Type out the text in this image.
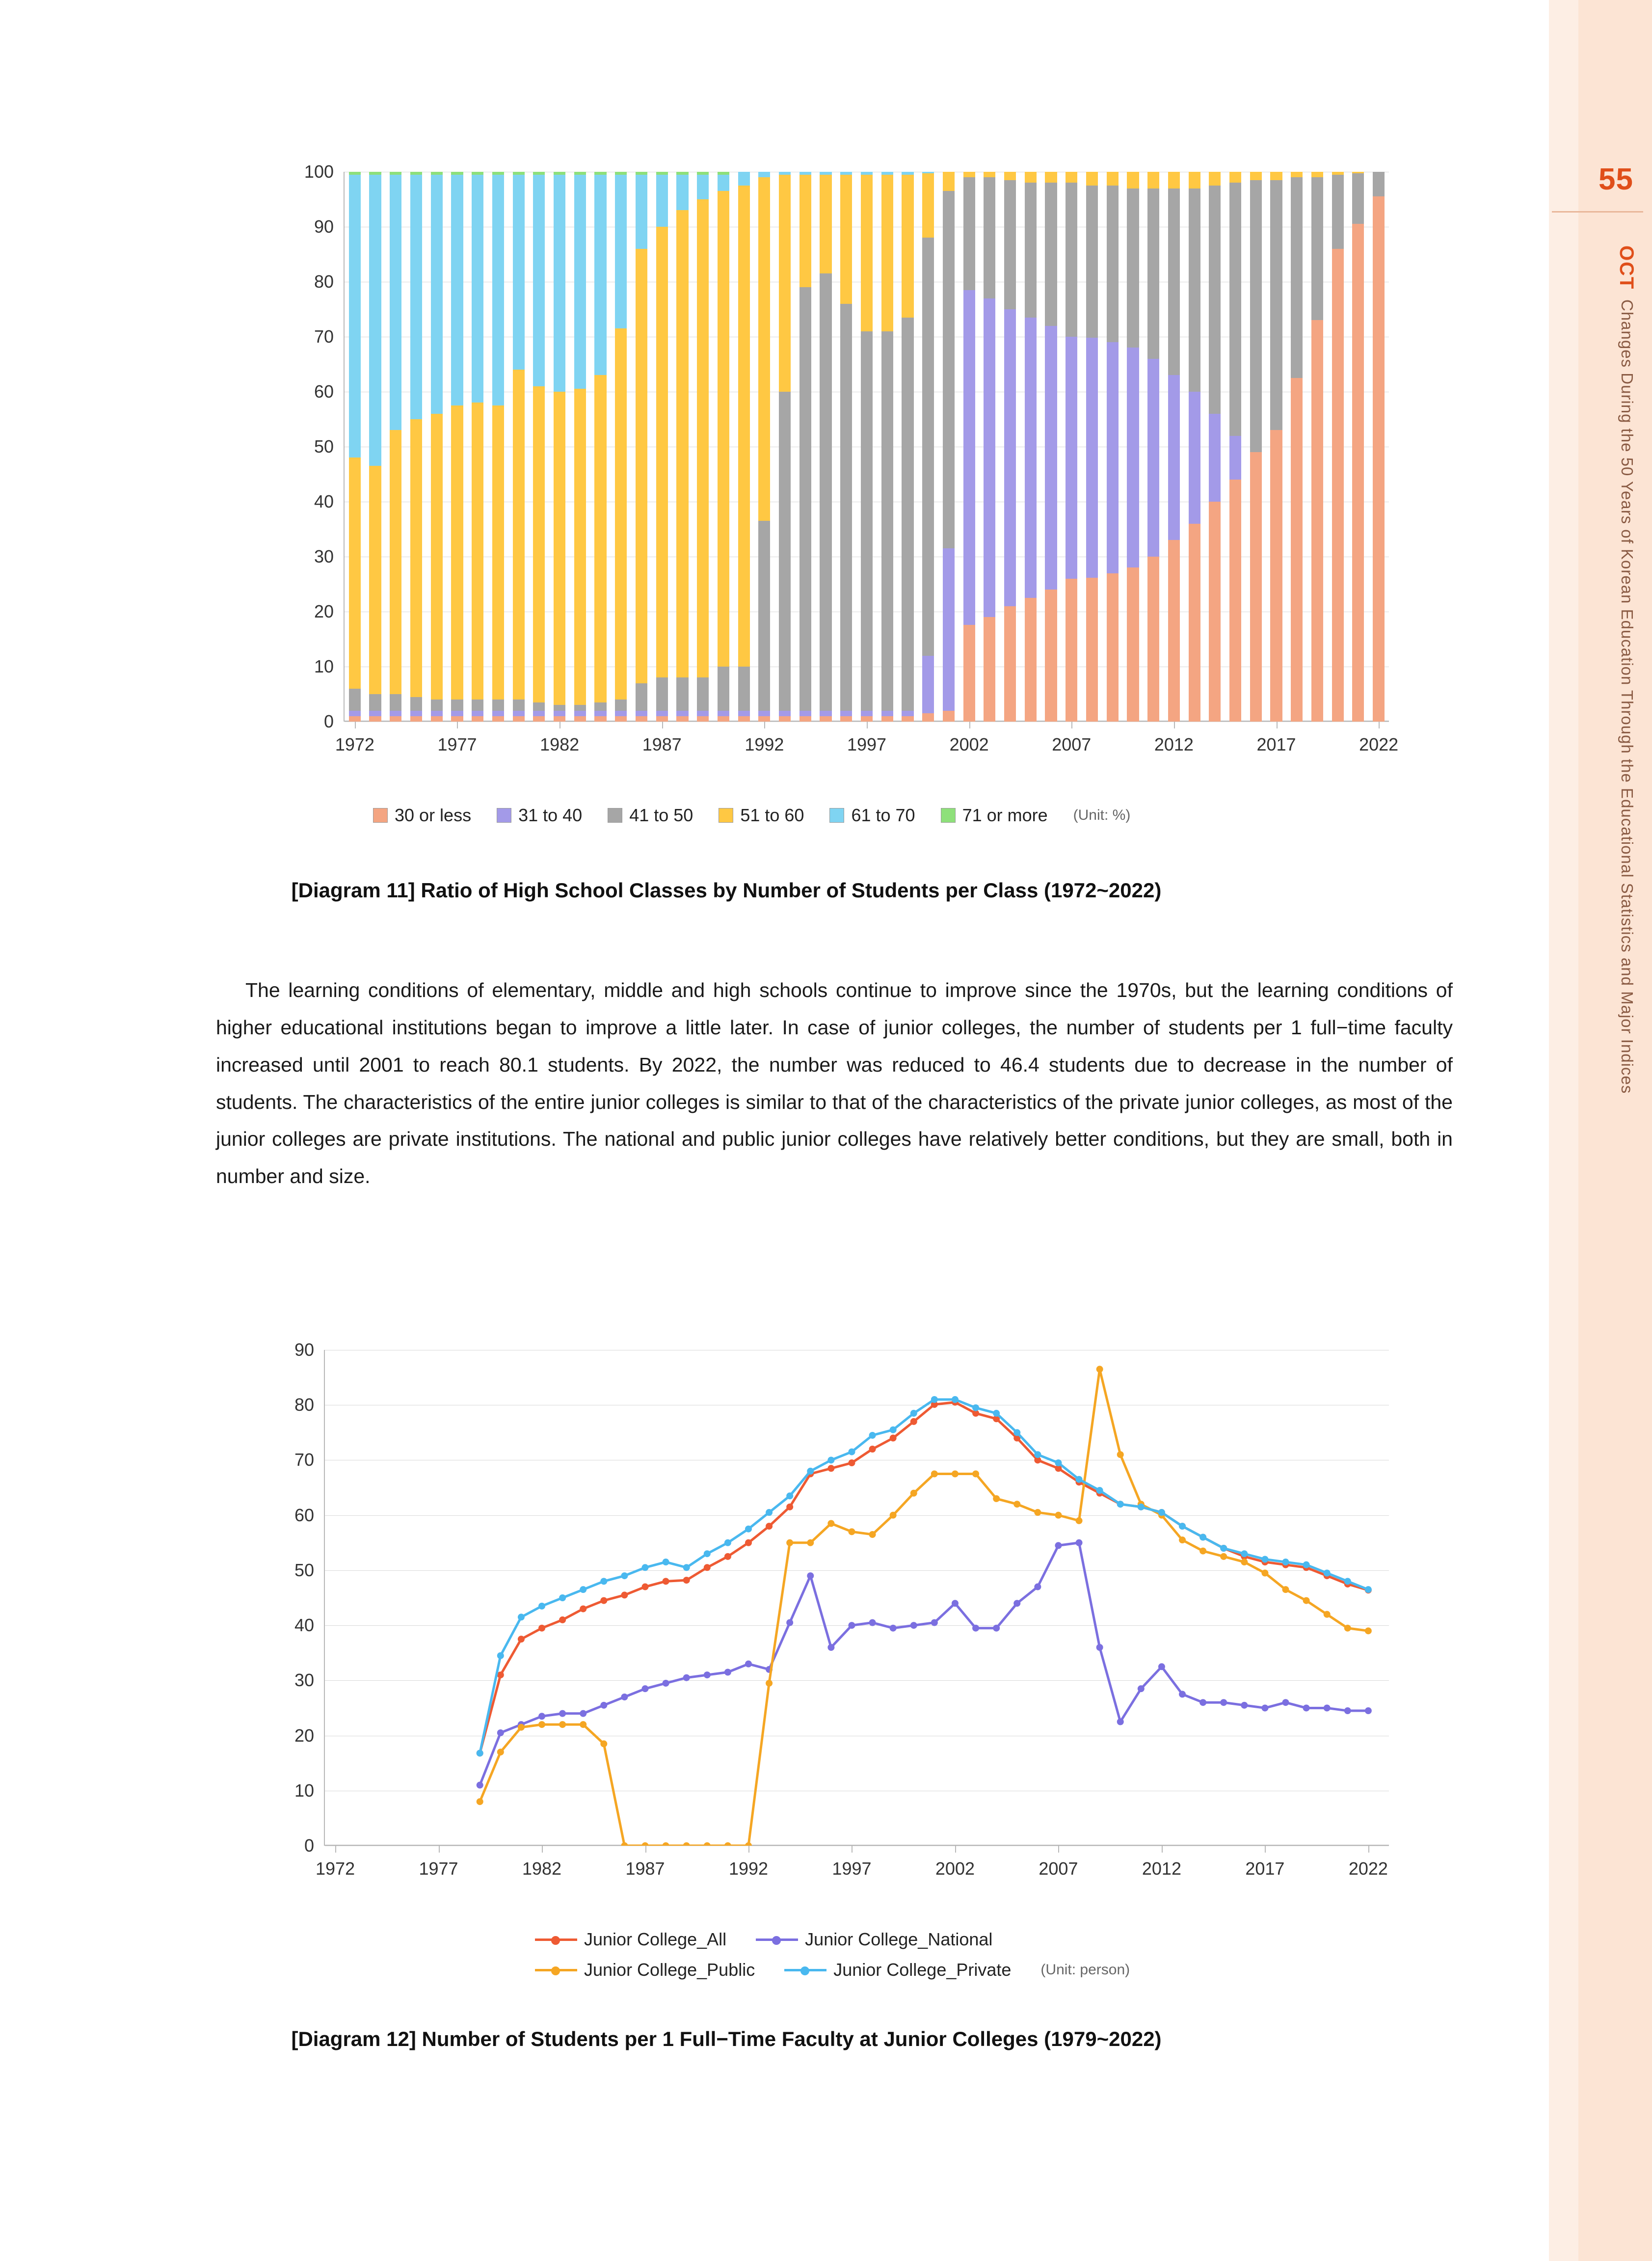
55
OCT
Changes During the 50 Years of Korean Education Through the Educational Statistics and Major Indices
0
10
20
30
40
50
60
70
80
90
100
1972	1977	1982	1987	1992	1997	2002	2007	2012	2017	2022
30 or less	31 to 40	41 to 50	51 to 60	61 to 70	71 or more (Unit: %)
[Diagram 11] Ratio of High School Classes by Number of Students per Class (1972~2022)

The learning conditions of elementary, middle and high schools continue to improve since the 1970s, but the learning conditions of higher educational institutions began to improve a little later. In case of junior colleges, the number of students per 1 full−time faculty increased until 2001 to reach 80.1 students. By 2022, the number was reduced to 46.4 students due to decrease in the number of students. The characteristics of the entire junior colleges is similar to that of the characteristics of the private junior colleges, as most of the junior colleges are private institutions. The national and public junior colleges have relatively better conditions, but they are small, both in number and size.

0
10
20
30
40
50
60
70
80
90
1972	1977	1982	1987	1992	1997	2002	2007	2012	2017	2022
Junior College_All	Junior College_National
Junior College_Public	Junior College_Private (Unit: person)
[Diagram 12] Number of Students per 1 Full−Time Faculty at Junior Colleges (1979~2022)
